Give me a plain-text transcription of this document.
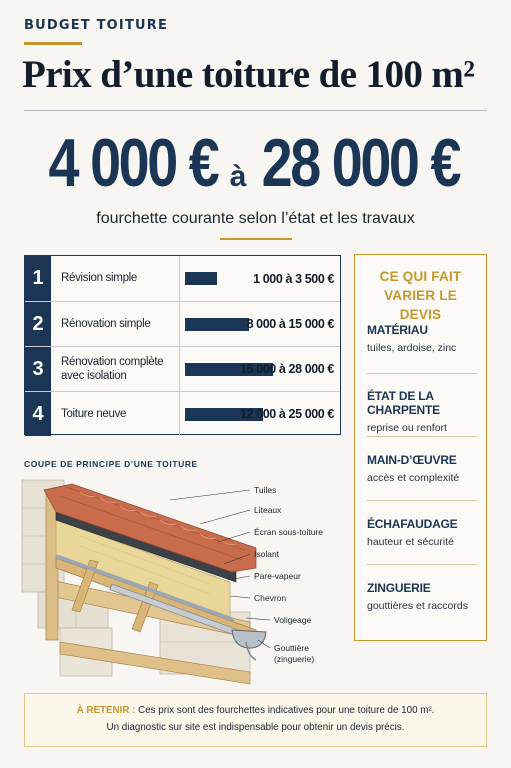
BUDGET TOITURE
Prix d’une toiture de 100 m²
4 000 € à 28 000 €
fourchette courante selon l’état et les travaux
1	Révision simple	1 000 à 3 500 €
2	Rénovation simple	8 000 à 15 000 €
3	Rénovation complète avec isolation	15 000 à 28 000 €
4	Toiture neuve	12 000 à 25 000 €
CE QUI FAIT VARIER LE DEVIS
MATÉRIAU
tuiles, ardoise, zinc
ÉTAT DE LA CHARPENTE
reprise ou renfort
MAIN-D’ŒUVRE
accès et complexité
ÉCHAFAUDAGE
hauteur et sécurité
ZINGUERIE
gouttières et raccords
COUPE DE PRINCIPE D’UNE TOITURE
Tuiles
Liteaux
Écran sous-toiture
Isolant
Pare-vapeur
Chevron
Voligeage
Gouttière
(zinguerie)
À RETENIR : Ces prix sont des fourchettes indicatives pour une toiture de 100 m².
Un diagnostic sur site est indispensable pour obtenir un devis précis.
